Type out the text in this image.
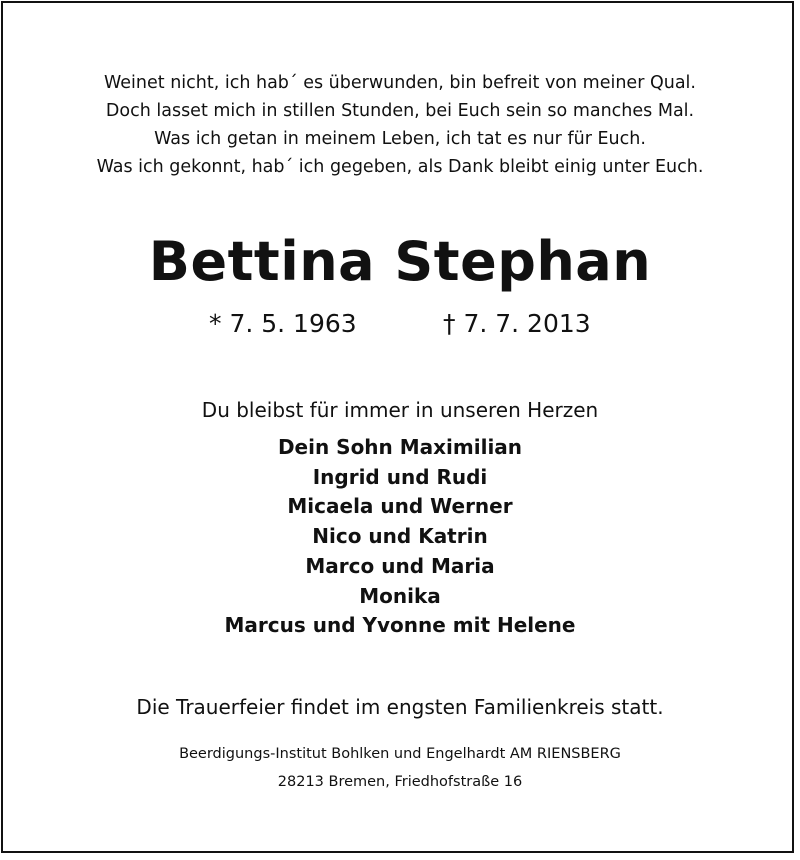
Weinet nicht, ich hab´ es überwunden, bin befreit von meiner Qual.
Doch lasset mich in stillen Stunden, bei Euch sein so manches Mal.
Was ich getan in meinem Leben, ich tat es nur für Euch.
Was ich gekonnt, hab´ ich gegeben, als Dank bleibt einig unter Euch.
Bettina Stephan
* 7. 5. 1963	† 7. 7. 2013
Du bleibst für immer in unseren Herzen
Dein Sohn Maximilian
Ingrid und Rudi
Micaela und Werner
Nico und Katrin
Marco und Maria
Monika
Marcus und Yvonne mit Helene
Die Trauerfeier findet im engsten Familienkreis statt.
Beerdigungs-Institut Bohlken und Engelhardt AM RIENSBERG
28213 Bremen, Friedhofstraße 16
